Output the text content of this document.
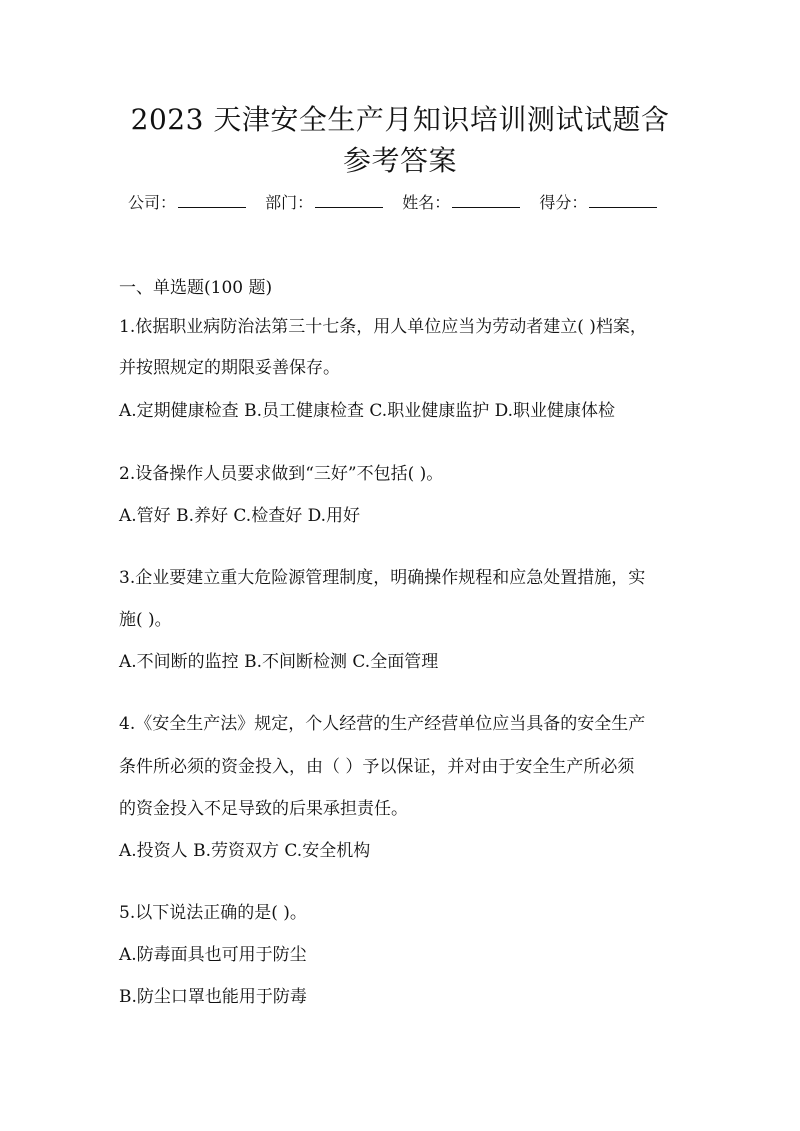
2023 天津安全生产月知识培训测试试题含
参考答案
公司：	部门：	姓名：	得分：
一、单选题(100 题)
1.依据职业病防治法第三十七条，用人单位应当为劳动者建立( )档案，
并按照规定的期限妥善保存。
A.定期健康检查 B.员工健康检查 C.职业健康监护 D.职业健康体检
2.设备操作人员要求做到“三好”不包括( )。
A.管好 B.养好 C.检查好 D.用好
3.企业要建立重大危险源管理制度，明确操作规程和应急处置措施，实
施( )。
A.不间断的监控 B.不间断检测 C.全面管理
4.《安全生产法》规定，个人经营的生产经营单位应当具备的安全生产
条件所必须的资金投入，由（ ）予以保证，并对由于安全生产所必须
的资金投入不足导致的后果承担责任。
A.投资人 B.劳资双方 C.安全机构
5.以下说法正确的是( )。
A.防毒面具也可用于防尘
B.防尘口罩也能用于防毒
